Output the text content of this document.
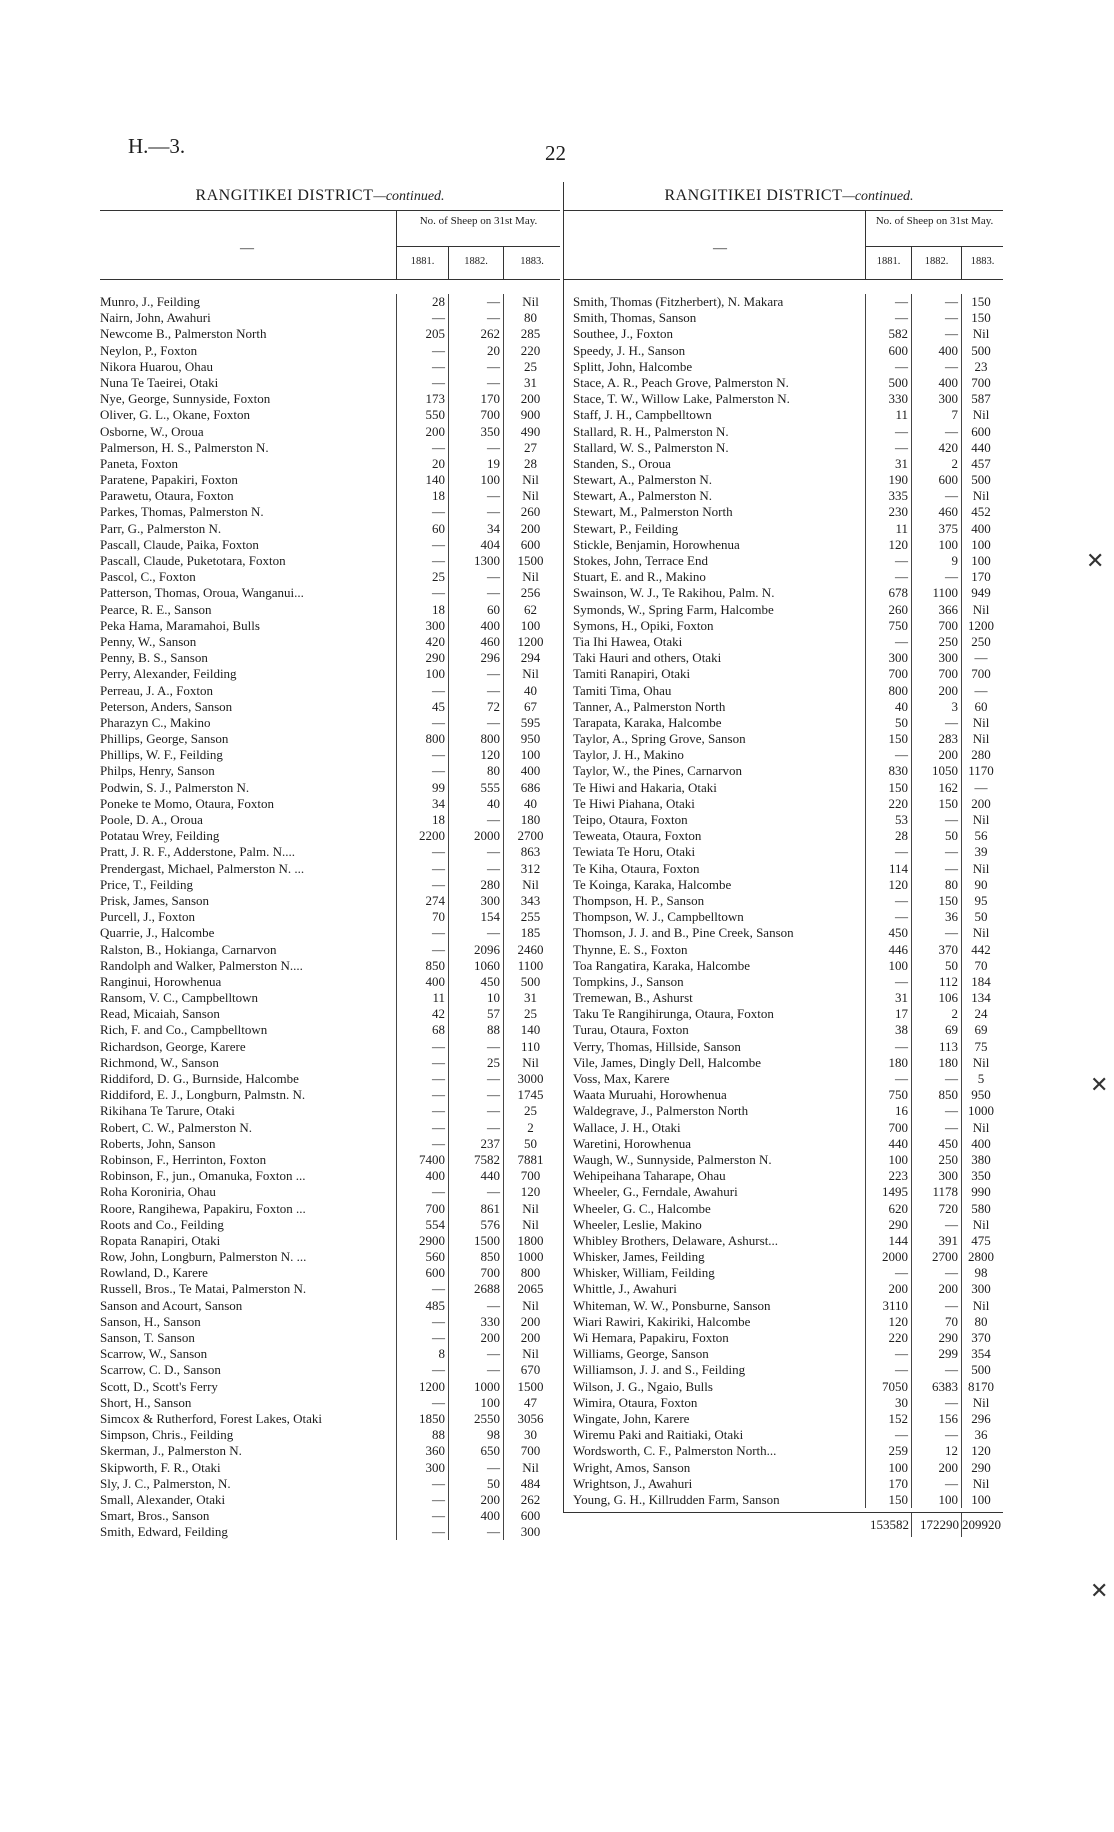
H.—3.	22
✕
✕
✕
RANGITIKEI DISTRICT—continued.
—
No. of Sheep on 31st May.
1881.	1882.	1883.
Munro, J., Feilding	28	—	Nil
Nairn, John, Awahuri	—	—	80
Newcome B., Palmerston North	205	262	285
Neylon, P., Foxton	—	20	220
Nikora Huarou, Ohau	—	—	25
Nuna Te Taeirei, Otaki	—	—	31
Nye, George, Sunnyside, Foxton	173	170	200
Oliver, G. L., Okane, Foxton	550	700	900
Osborne, W., Oroua	200	350	490
Palmerson, H. S., Palmerston N.	—	—	27
Paneta, Foxton	20	19	28
Paratene, Papakiri, Foxton	140	100	Nil
Parawetu, Otaura, Foxton	18	—	Nil
Parkes, Thomas, Palmerston N.	—	—	260
Parr, G., Palmerston N.	60	34	200
Pascall, Claude, Paika, Foxton	—	404	600
Pascall, Claude, Puketotara, Foxton	—	1300	1500
Pascol, C., Foxton	25	—	Nil
Patterson, Thomas, Oroua, Wanganui...	—	—	256
Pearce, R. E., Sanson	18	60	62
Peka Hama, Maramahoi, Bulls	300	400	100
Penny, W., Sanson	420	460	1200
Penny, B. S., Sanson	290	296	294
Perry, Alexander, Feilding	100	—	Nil
Perreau, J. A., Foxton	—	—	40
Peterson, Anders, Sanson	45	72	67
Pharazyn C., Makino	—	—	595
Phillips, George, Sanson	800	800	950
Phillips, W. F., Feilding	—	120	100
Philps, Henry, Sanson	—	80	400
Podwin, S. J., Palmerston N.	99	555	686
Poneke te Momo, Otaura, Foxton	34	40	40
Poole, D. A., Oroua	18	—	180
Potatau Wrey, Feilding	2200	2000	2700
Pratt, J. R. F., Adderstone, Palm. N....	—	—	863
Prendergast, Michael, Palmerston N. ...	—	—	312
Price, T., Feilding	—	280	Nil
Prisk, James, Sanson	274	300	343
Purcell, J., Foxton	70	154	255
Quarrie, J., Halcombe	—	—	185
Ralston, B., Hokianga, Carnarvon	—	2096	2460
Randolph and Walker, Palmerston N....	850	1060	1100
Ranginui, Horowhenua	400	450	500
Ransom, V. C., Campbelltown	11	10	31
Read, Micaiah, Sanson	42	57	25
Rich, F. and Co., Campbelltown	68	88	140
Richardson, George, Karere	—	—	110
Richmond, W., Sanson	—	25	Nil
Riddiford, D. G., Burnside, Halcombe	—	—	3000
Riddiford, E. J., Longburn, Palmstn. N.	—	—	1745
Rikihana Te Tarure, Otaki	—	—	25
Robert, C. W., Palmerston N.	—	—	2
Roberts, John, Sanson	—	237	50
Robinson, F., Herrinton, Foxton	7400	7582	7881
Robinson, F., jun., Omanuka, Foxton ...	400	440	700
Roha Koroniria, Ohau	—	—	120
Roore, Rangihewa, Papakiru, Foxton ...	700	861	Nil
Roots and Co., Feilding	554	576	Nil
Ropata Ranapiri, Otaki	2900	1500	1800
Row, John, Longburn, Palmerston N. ...	560	850	1000
Rowland, D., Karere	600	700	800
Russell, Bros., Te Matai, Palmerston N.	—	2688	2065
Sanson and Acourt, Sanson	485	—	Nil
Sanson, H., Sanson	—	330	200
Sanson, T. Sanson	—	200	200
Scarrow, W., Sanson	8	—	Nil
Scarrow, C. D., Sanson	—	—	670
Scott, D., Scott's Ferry	1200	1000	1500
Short, H., Sanson	—	100	47
Simcox & Rutherford, Forest Lakes, Otaki	1850	2550	3056
Simpson, Chris., Feilding	88	98	30
Skerman, J., Palmerston N.	360	650	700
Skipworth, F. R., Otaki	300	—	Nil
Sly, J. C., Palmerston, N.	—	50	484
Small, Alexander, Otaki	—	200	262
Smart, Bros., Sanson	—	400	600
Smith, Edward, Feilding	—	—	300
RANGITIKEI DISTRICT—continued.
—
No. of Sheep on 31st May.
1881.	1882.	1883.
Smith, Thomas (Fitzherbert), N. Makara	—	—	150
Smith, Thomas, Sanson	—	—	150
Southee, J., Foxton	582	—	Nil
Speedy, J. H., Sanson	600	400	500
Splitt, John, Halcombe	—	—	23
Stace, A. R., Peach Grove, Palmerston N.	500	400	700
Stace, T. W., Willow Lake, Palmerston N.	330	300	587
Staff, J. H., Campbelltown	11	7	Nil
Stallard, R. H., Palmerston N.	—	—	600
Stallard, W. S., Palmerston N.	—	420	440
Standen, S., Oroua	31	2	457
Stewart, A., Palmerston N.	190	600	500
Stewart, A., Palmerston N.	335	—	Nil
Stewart, M., Palmerston North	230	460	452
Stewart, P., Feilding	11	375	400
Stickle, Benjamin, Horowhenua	120	100	100
Stokes, John, Terrace End	—	9	100
Stuart, E. and R., Makino	—	—	170
Swainson, W. J., Te Rakihou, Palm. N.	678	1100	949
Symonds, W., Spring Farm, Halcombe	260	366	Nil
Symons, H., Opiki, Foxton	750	700 1200
Tia Ihi Hawea, Otaki	—	250	250
Taki Hauri and others, Otaki	300	300	—
Tamiti Ranapiri, Otaki	700	700	700
Tamiti Tima, Ohau	800	200	—
Tanner, A., Palmerston North	40	3	60
Tarapata, Karaka, Halcombe	50	—	Nil
Taylor, A., Spring Grove, Sanson	150	283	Nil
Taylor, J. H., Makino	—	200	280
Taylor, W., the Pines, Carnarvon	830	1050 1170
Te Hiwi and Hakaria, Otaki	150	162	—
Te Hiwi Piahana, Otaki	220	150	200
Teipo, Otaura, Foxton	53	—	Nil
Teweata, Otaura, Foxton	28	50	56
Tewiata Te Horu, Otaki	—	—	39
Te Kiha, Otaura, Foxton	114	—	Nil
Te Koinga, Karaka, Halcombe	120	80	90
Thompson, H. P., Sanson	—	150	95
Thompson, W. J., Campbelltown	—	36	50
Thomson, J. J. and B., Pine Creek, Sanson	450	—	Nil
Thynne, E. S., Foxton	446	370	442
Toa Rangatira, Karaka, Halcombe	100	50	70
Tompkins, J., Sanson	—	112	184
Tremewan, B., Ashurst	31	106	134
Taku Te Rangihirunga, Otaura, Foxton	17	2	24
Turau, Otaura, Foxton	38	69	69
Verry, Thomas, Hillside, Sanson	—	113	75
Vile, James, Dingly Dell, Halcombe	180	180	Nil
Voss, Max, Karere	—	—	5
Waata Muruahi, Horowhenua	750	850	950
Waldegrave, J., Palmerston North	16	— 1000
Wallace, J. H., Otaki	700	—	Nil
Waretini, Horowhenua	440	450	400
Waugh, W., Sunnyside, Palmerston N.	100	250	380
Wehipeihana Taharape, Ohau	223	300	350
Wheeler, G., Ferndale, Awahuri	1495	1178	990
Wheeler, G. C., Halcombe	620	720	580
Wheeler, Leslie, Makino	290	—	Nil
Whibley Brothers, Delaware, Ashurst...	144	391	475
Whisker, James, Feilding	2000	2700 2800
Whisker, William, Feilding	—	—	98
Whittle, J., Awahuri	200	200	300
Whiteman, W. W., Ponsburne, Sanson	3110	—	Nil
Wiari Rawiri, Kakiriki, Halcombe	120	70	80
Wi Hemara, Papakiru, Foxton	220	290	370
Williams, George, Sanson	—	299	354
Williamson, J. J. and S., Feilding	—	—	500
Wilson, J. G., Ngaio, Bulls	7050	6383 8170
Wimira, Otaura, Foxton	30	—	Nil
Wingate, John, Karere	152	156	296
Wiremu Paki and Raitiaki, Otaki	—	—	36
Wordsworth, C. F., Palmerston North...	259	12	120
Wright, Amos, Sanson	100	200	290
Wrightson, J., Awahuri	170	—	Nil
Young, G. H., Killrudden Farm, Sanson	150	100	100
153582 172290 209920
